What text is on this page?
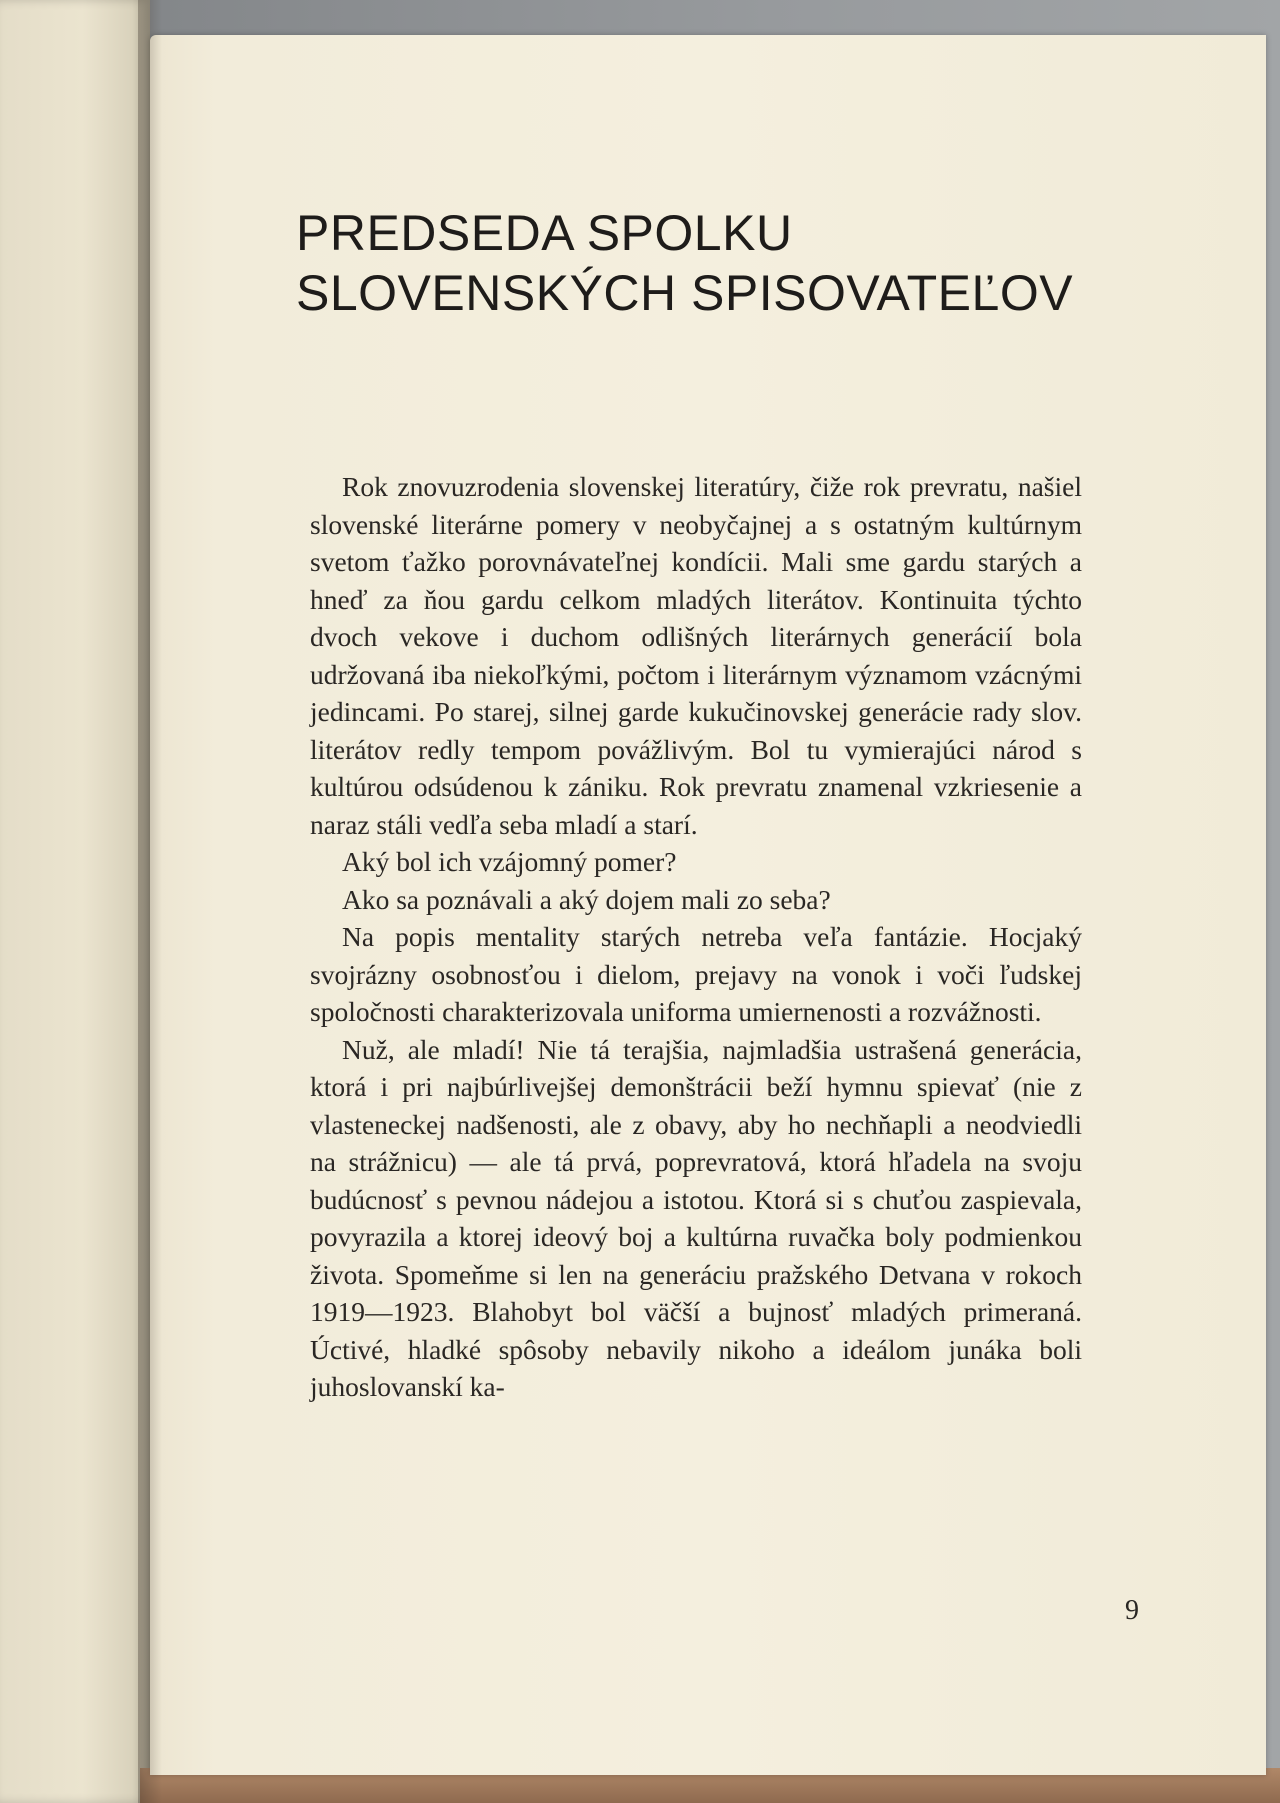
PREDSEDA SPOLKU
SLOVENSKÝCH SPISOVATEĽOV

Rok znovuzrodenia slovenskej literatúry, čiže rok prevratu, našiel slovenské literárne pomery v neobyčajnej a s ostatným kultúrnym svetom ťažko porovnávateľnej kondícii. Mali sme gardu starých a hneď za ňou gardu celkom mladých literátov. Kontinuita týchto dvoch vekove i duchom odlišných literárnych generácií bola udržovaná iba niekoľkými, počtom i literárnym významom vzácnými jedincami. Po starej, silnej garde kukučinovskej generácie rady slov. literátov redly tempom povážlivým. Bol tu vymierajúci národ s kultúrou odsúdenou k zániku. Rok prevratu znamenal vzkriesenie a naraz stáli vedľa seba mladí a starí.

Aký bol ich vzájomný pomer?

Ako sa poznávali a aký dojem mali zo seba?

Na popis mentality starých netreba veľa fantázie. Hocjaký svojrázny osobnosťou i dielom, prejavy na vonok i voči ľudskej spoločnosti charakterizovala uniforma umiernenosti a rozvážnosti.

Nuž, ale mladí! Nie tá terajšia, najmladšia ustrašená generácia, ktorá i pri najbúrlivejšej demonštrácii beží hymnu spievať (nie z vlasteneckej nadšenosti, ale z obavy, aby ho nechňapli a neodviedli na strážnicu) — ale tá prvá, poprevratová, ktorá hľadela na svoju budúcnosť s pevnou nádejou a istotou. Ktorá si s chuťou zaspievala, povyrazila a ktorej ideový boj a kultúrna ruvačka boly podmienkou života. Spomeňme si len na generáciu pražského Detvana v rokoch 1919—1923. Blahobyt bol väčší a bujnosť mladých primeraná. Úctivé, hladké spôsoby nebavily nikoho a ideálom junáka boli juhoslovanskí ka-

9
